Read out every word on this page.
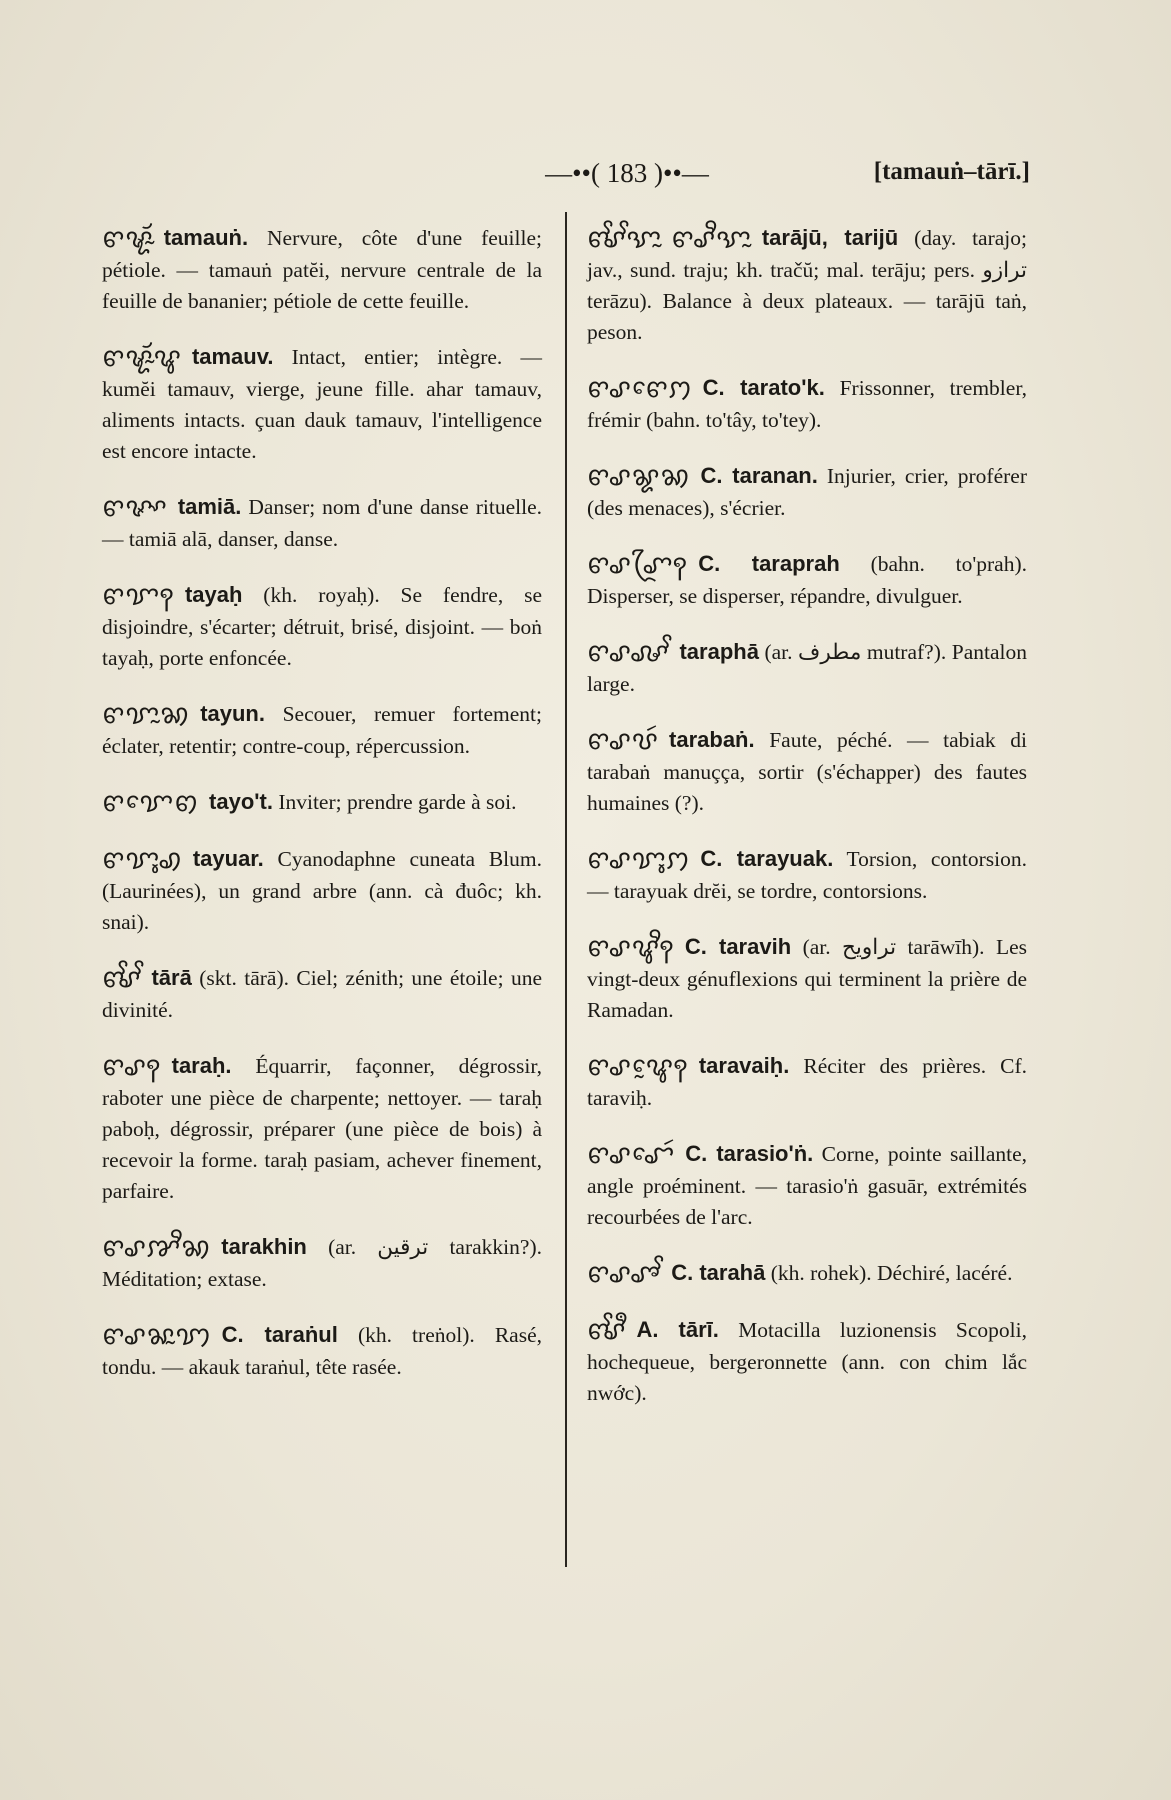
—••( 183 )••—	[tamauṅ–tārī.]
ꨓꨠꨮꨭ tamauṅ. Nervure, côte d'une feuille; pétiole. — tamauṅ patĕi, nervure centrale de la feuille de bananier; pétiole de cette feuille.
ꨓꨠꨮꨭꨥ tamauv. Intact, entier; intègre. — kumĕi tamauv, vierge, jeune fille. ahar tamauv, aliments intacts. çuan dauk tamauv, l'intelligence est encore intacte.
ꨓꨟꨳ tamiā. Danser; nom d'une danse rituelle. — tamiā alā, danser, danse.
ꨓꨢꩍ tayaḥ (kh. royaḥ). Se fendre, se disjoindre, s'écarter; détruit, brisé, disjoint. — boṅ tayaḥ, porte enfoncée.
ꨓꨢꨭꩆ tayun. Secouer, remuer fortement; éclater, retentir; contre-coup, répercussion.
ꨓꨢꨯꩅ tayo't. Inviter; prendre garde à soi.
ꨓꨢꨶꩉ tayuar. Cyanodaphne cuneata Blum. (Laurinées), un grand arbre (ann. cà đuôc; kh. snai).
ꨓꨩꨣꨩ tārā (skt. tārā). Ciel; zénith; une étoile; une divinité.
ꨓꨣꩍ taraḥ. Équarrir, façonner, dégrossir, raboter une pièce de charpente; nettoyer. — taraḥ paboḥ, dégrossir, préparer (une pièce de bois) à recevoir la forme. taraḥ pasiam, achever finement, parfaire.
ꨓꨣꨇꨪꩆ tarakhin (ar. ترقين tarakkin?). Méditation; extase.
ꨓꨣꨗꨭꩈ C. taraṅul (kh. treṅol). Rasé, tondu. — akauk taraṅul, tête rasée.
ꨓꨩꨣꨩꨎꨭ ꨓꨣꨪꨎꨭ tarājū, tarijū (day. tarajo; jav., sund. traju; kh. tračŭ; mal. terāju; pers. ترازو terāzu). Balance à deux plateaux. — tarājū taṅ, peson.
ꨓꨣꨓꨯꩀ C. tarato'k. Frissonner, trembler, frémir (bahn. to'tây, to'tey).
ꨓꨣꨘꩆ C. taranan. Injurier, crier, proférer (des menaces), s'écrier.
ꨓꨣꨚꨴꩍ C. taraprah (bahn. to'prah). Disperser, se disperser, répandre, divulguer.
ꨓꨣꨜꨩ taraphā (ar. مطرف mutraf?). Pantalon large.
ꨓꨣꨝꩃ tarabaṅ. Faute, péché. — tabiak di tarabaṅ manuçça, sortir (s'échapper) des fautes humaines (?).
ꨓꨣꨢꨶꩀ C. tarayuak. Torsion, contorsion. — tarayuak drĕi, se tordre, contorsions.
ꨓꨣꨥꨪꩍ C. taravih (ar. تراويح tarāwīh). Les vingt-deux génuflexions qui terminent la prière de Ramadan.
ꨓꨣꨥꨰꩍ taravaiḥ. Réciter des prières. Cf. taraviḥ.
ꨓꨣꨧꨯꩃ C. tarasio'ṅ. Corne, pointe saillante, angle proéminent. — tarasio'ṅ gasuār, extrémités recourbées de l'arc.
ꨓꨣꨨꨩ C. tarahā (kh. rohek). Déchiré, lacéré.
ꨓꨩꨣꨫ A. tārī. Motacilla luzionensis Scopoli, hochequeue, bergeronnette (ann. con chim lắc nwớc).
